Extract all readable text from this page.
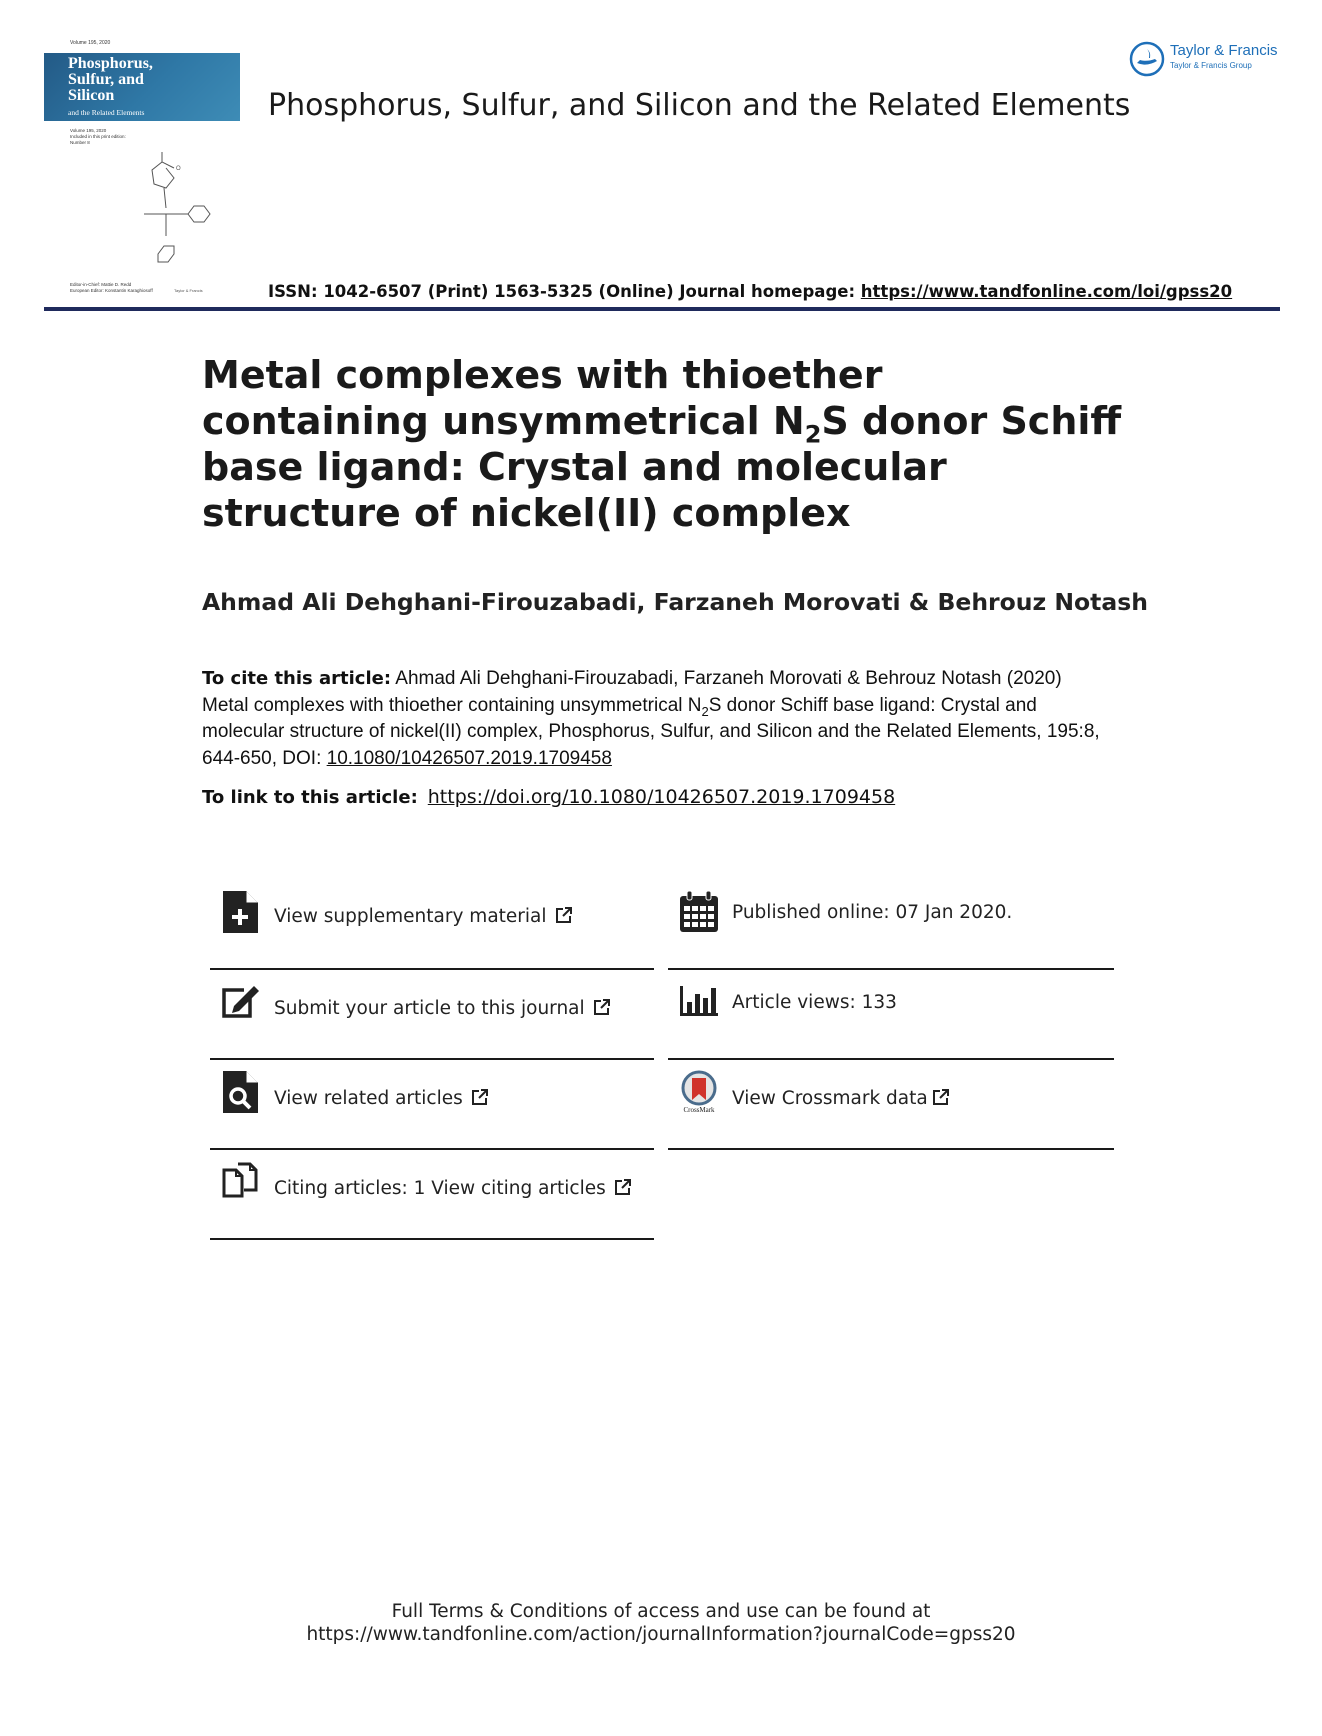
Volume 195, 2020
Phosphorus,
Sulfur, and
Silicon
and the Related Elements
Volume 195, 2020
Included in this print edition:
Number 8
O
Editor-in-Chief: Mattie D. Redd
European Editor: Konstantin Karaghiosoff	Taylor & Francis
Phosphorus, Sulfur, and Silicon and the Related Elements
Taylor & Francis
Taylor & Francis Group
ISSN: 1042-6507 (Print) 1563-5325 (Online) Journal homepage: https://www.tandfonline.com/loi/gpss20
Metal complexes with thioether containing unsymmetrical $N_2S$ donor Schiff base ligand: Crystal and molecular structure of nickel(II) complex
Ahmad Ali Dehghani-Firouzabadi, Farzaneh Morovati & Behrouz Notash
To cite this article: Ahmad Ali Dehghani-Firouzabadi, Farzaneh Morovati & Behrouz Notash (2020) Metal complexes with thioether containing unsymmetrical $N_2S$ donor Schiff base ligand: Crystal and molecular structure of nickel(II) complex, Phosphorus, Sulfur, and Silicon and the Related Elements, 195:8, 644-650, DOI: 10.1080/10426507.2019.1709458
To link to this article: https://doi.org/10.1080/10426507.2019.1709458
View supplementary material
Submit your article to this journal
View related articles
Citing articles: 1 View citing articles
Published online: 07 Jan 2020.
Article views: 133
CrossMark
View Crossmark data
Full Terms & Conditions of access and use can be found at
https://www.tandfonline.com/action/journalInformation?journalCode=gpss20
